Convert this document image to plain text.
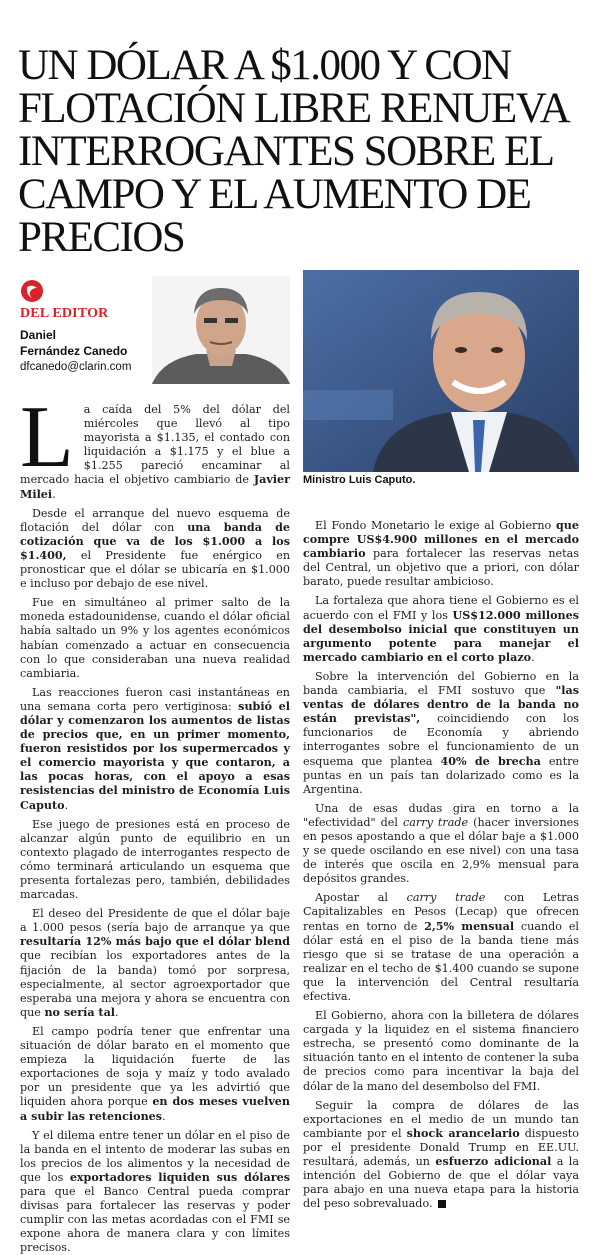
UN DÓLAR A $1.000 Y CON FLOTACIÓN LIBRE RENUEVA INTERROGANTES SOBRE EL CAMPO Y EL AUMENTO DE PRECIOS
DEL EDITOR
Daniel
Fernández Canedo
dfcanedo@clarin.com
Ministro Luis Caputo.

La caída del 5% del dólar del miércoles que llevó al tipo mayorista a $1.135, el contado con liquidación a $1.175 y el blue a $1.255 pareció encaminar al mercado hacia el objetivo cambiario de Javier Milei.

Desde el arranque del nuevo esquema de flotación del dólar con una banda de cotización que va de los $1.000 a los $1.400, el Presidente fue enérgico en pronosticar que el dólar se ubicaría en $1.000 e incluso por debajo de ese nivel.

Fue en simultáneo al primer salto de la moneda estadounidense, cuando el dólar oficial había saltado un 9% y los agentes económicos habían comenzado a actuar en consecuencia con lo que consideraban una nueva realidad cambiaria.

Las reacciones fueron casi instantáneas en una semana corta pero vertiginosa: subió el dólar y comenzaron los aumentos de listas de precios que, en un primer momento, fueron resistidos por los supermercados y el comercio mayorista y que contaron, a las pocas horas, con el apoyo a esas resistencias del ministro de Economía Luis Caputo.

Ese juego de presiones está en proceso de alcanzar algún punto de equilibrio en un contexto plagado de interrogantes respecto de cómo terminará articulando un esquema que presenta fortalezas pero, también, debilidades marcadas.

El deseo del Presidente de que el dólar baje a 1.000 pesos (sería bajo de arranque ya que resultaría 12% más bajo que el dólar blend que recibían los exportadores antes de la fijación de la banda) tomó por sorpresa, especialmente, al sector agroexportador que esperaba una mejora y ahora se encuentra con que no sería tal.

El campo podría tener que enfrentar una situación de dólar barato en el momento que empieza la liquidación fuerte de las exportaciones de soja y maíz y todo avalado por un presidente que ya les advirtió que liquiden ahora porque en dos meses vuelven a subir las retenciones.

Y el dilema entre tener un dólar en el piso de la banda en el intento de moderar las subas en los precios de los alimentos y la necesidad de que los exportadores liquiden sus dólares para que el Banco Central pueda comprar divisas para fortalecer las reservas y poder cumplir con las metas acordadas con el FMI se expone ahora de manera clara y con límites precisos.

El Fondo Monetario le exige al Gobierno que compre US$4.900 millones en el mercado cambiario para fortalecer las reservas netas del Central, un objetivo que a priori, con dólar barato, puede resultar ambicioso.

La fortaleza que ahora tiene el Gobierno es el acuerdo con el FMI y los US$12.000 millones del desembolso inicial que constituyen un argumento potente para manejar el mercado cambiario en el corto plazo.

Sobre la intervención del Gobierno en la banda cambiaria, el FMI sostuvo que "las ventas de dólares dentro de la banda no están previstas", coincidiendo con los funcionarios de Economía y abriendo interrogantes sobre el funcionamiento de un esquema que plantea 40% de brecha entre puntas en un país tan dolarizado como es la Argentina.

Una de esas dudas gira en torno a la "efectividad" del carry trade (hacer inversiones en pesos apostando a que el dólar baje a $1.000 y se quede oscilando en ese nivel) con una tasa de interés que oscila en 2,9% mensual para depósitos grandes.

Apostar al carry trade con Letras Capitalizables en Pesos (Lecap) que ofrecen rentas en torno de 2,5% mensual cuando el dólar está en el piso de la banda tiene más riesgo que si se tratase de una operación a realizar en el techo de $1.400 cuando se supone que la intervención del Central resultaría efectiva.

El Gobierno, ahora con la billetera de dólares cargada y la liquidez en el sistema financiero estrecha, se presentó como dominante de la situación tanto en el intento de contener la suba de precios como para incentivar la baja del dólar de la mano del desembolso del FMI.

Seguir la compra de dólares de las exportaciones en el medio de un mundo tan cambiante por el shock arancelario dispuesto por el presidente Donald Trump en EE.UU. resultará, además, un esfuerzo adicional a la intención del Gobierno de que el dólar vaya para abajo en una nueva etapa para la historia del peso sobrevaluado.
